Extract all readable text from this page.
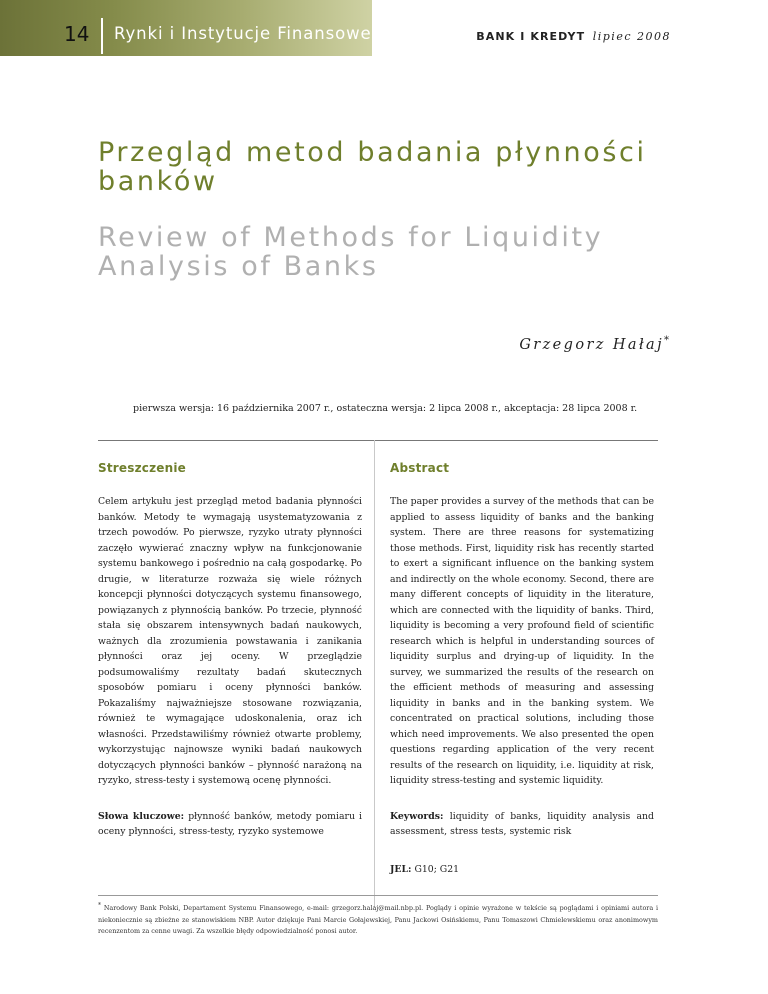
14 Rynki i Instytucje Finansowe	BANK I KREDYT lipiec 2008
Przegląd metod badania płynności banków
Review of Methods for Liquidity Analysis of Banks
Grzegorz Hałaj*
pierwsza wersja: 16 października 2007 r., ostateczna wersja: 2 lipca 2008 r., akceptacja: 28 lipca 2008 r.
Streszczenie

Celem artykułu jest przegląd metod badania płynności banków. Metody te wymagają usystematyzowania z trzech powodów. Po pierwsze, ryzyko utraty płynności zaczęło wywierać znaczny wpływ na funkcjonowanie systemu bankowego i pośrednio na całą gospodarkę. Po drugie, w literaturze rozważa się wiele różnych koncepcji płynności dotyczących systemu finansowego, powiązanych z płynnością banków. Po trzecie, płynność stała się obszarem intensywnych badań naukowych, ważnych dla zrozumienia powstawania i zanikania płynności oraz jej oceny. W przeglądzie podsumowaliśmy rezultaty badań skutecznych sposobów pomiaru i oceny płynności banków. Pokazaliśmy najważniejsze stosowane rozwiązania, również te wymagające udoskonalenia, oraz ich własności. Przedstawiliśmy również otwarte problemy, wykorzystując najnowsze wyniki badań naukowych dotyczących płynności banków – płynność narażoną na ryzyko, stress-testy i systemową ocenę płynności.

Słowa kluczowe: płynność banków, metody pomiaru i oceny płynności, stress-testy, ryzyko systemowe

Abstract

The paper provides a survey of the methods that can be applied to assess liquidity of banks and the banking system. There are three reasons for systematizing those methods. First, liquidity risk has recently started to exert a significant influence on the banking system and indirectly on the whole economy. Second, there are many different concepts of liquidity in the literature, which are connected with the liquidity of banks. Third, liquidity is becoming a very profound field of scientific research which is helpful in understanding sources of liquidity surplus and drying-up of liquidity. In the survey, we summarized the results of the research on the efficient methods of measuring and assessing liquidity in banks and in the banking system. We concentrated on practical solutions, including those which need improvements. We also presented the open questions regarding application of the very recent results of the research on liquidity, i.e. liquidity at risk, liquidity stress-testing and systemic liquidity.

Keywords: liquidity of banks, liquidity analysis and assessment, stress tests, systemic risk

JEL: G10; G21

* Narodowy Bank Polski, Departament Systemu Finansowego, e-mail: grzegorz.halaj@mail.nbp.pl. Poglądy i opinie wyrażone w tekście są poglądami i opiniami autora i niekoniecznie są zbieżne ze stanowiskiem NBP. Autor dziękuje Pani Marcie Gołajewskiej, Panu Jackowi Osińskiemu, Panu Tomaszowi Chmielewskiemu oraz anonimowym recenzentom za cenne uwagi. Za wszelkie błędy odpowiedzialność ponosi autor.
